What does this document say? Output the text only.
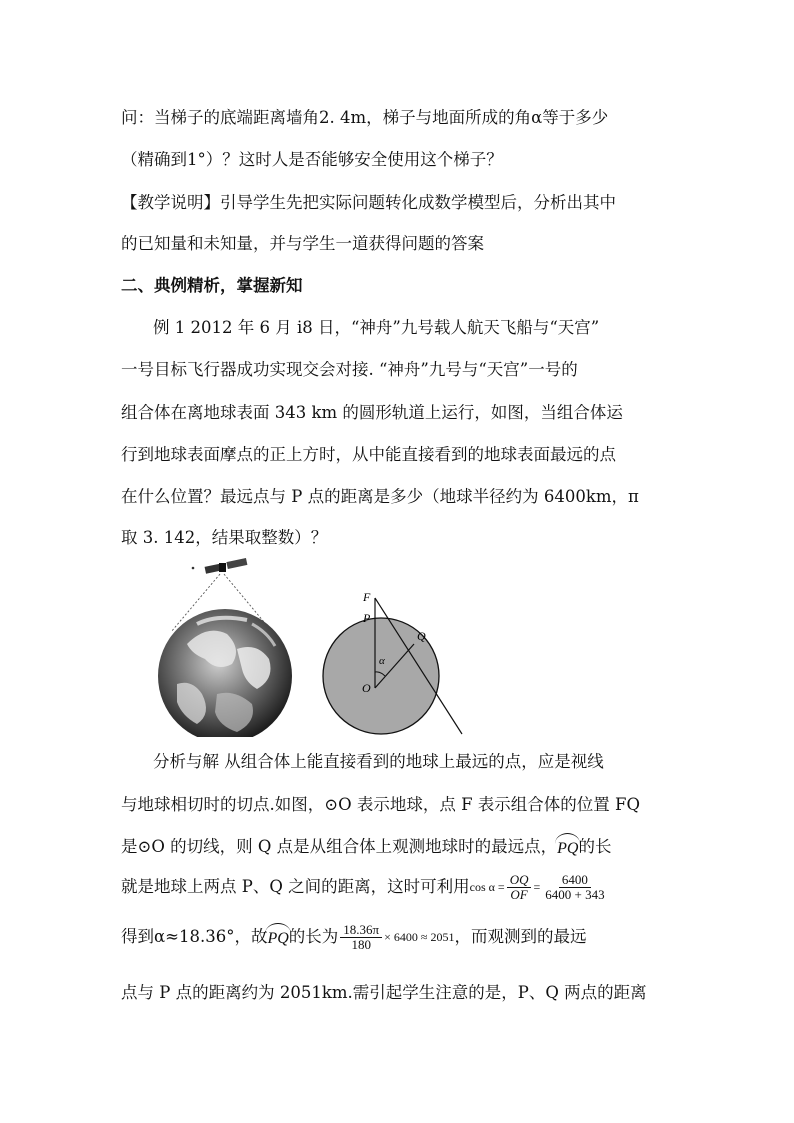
问：当梯子的底端距离墙角2. 4m，梯子与地面所成的角α等于多少
（精确到1°）？这时人是否能够安全使用这个梯子？
【教学说明】引导学生先把实际问题转化成数学模型后，分析出其中
的已知量和未知量，并与学生一道获得问题的答案
二、典例精析，掌握新知
例 1 2012 年 6 月 i8 日，“神舟”九号载人航天飞船与“天宫”
一号目标飞行器成功实现交会对接. “神舟”九号与“天宫”一号的
组合体在离地球表面 343 km 的圆形轨道上运行，如图，当组合体运
行到地球表面摩点的正上方时，从中能直接看到的地球表面最远的点
在什么位置？最远点与 P 点的距离是多少（地球半径约为 6400km，π
取 3. 142，结果取整数）？
F
P
Q
O
α
分析与解 从组合体上能直接看到的地球上最远的点，应是视线
与地球相切时的切点.如图，⊙O 表示地球，点 F 表示组合体的位置 FQ
是⊙O 的切线，则 Q 点是从组合体上观测地球时的最远点， PQ 的长
就是地球上两点 P、Q 之间的距离，这时可利用 $\cos \alpha = \frac{OQ}{OF} = \frac{6400}{6400 + 343}$
得到α≈18.36°，故 PQ 的长为 $\frac{18.36\pi}{180} \times 6400 \approx 2051$ ，而观测到的最远
点与 P 点的距离约为 2051km.需引起学生注意的是，P、Q 两点的距离
